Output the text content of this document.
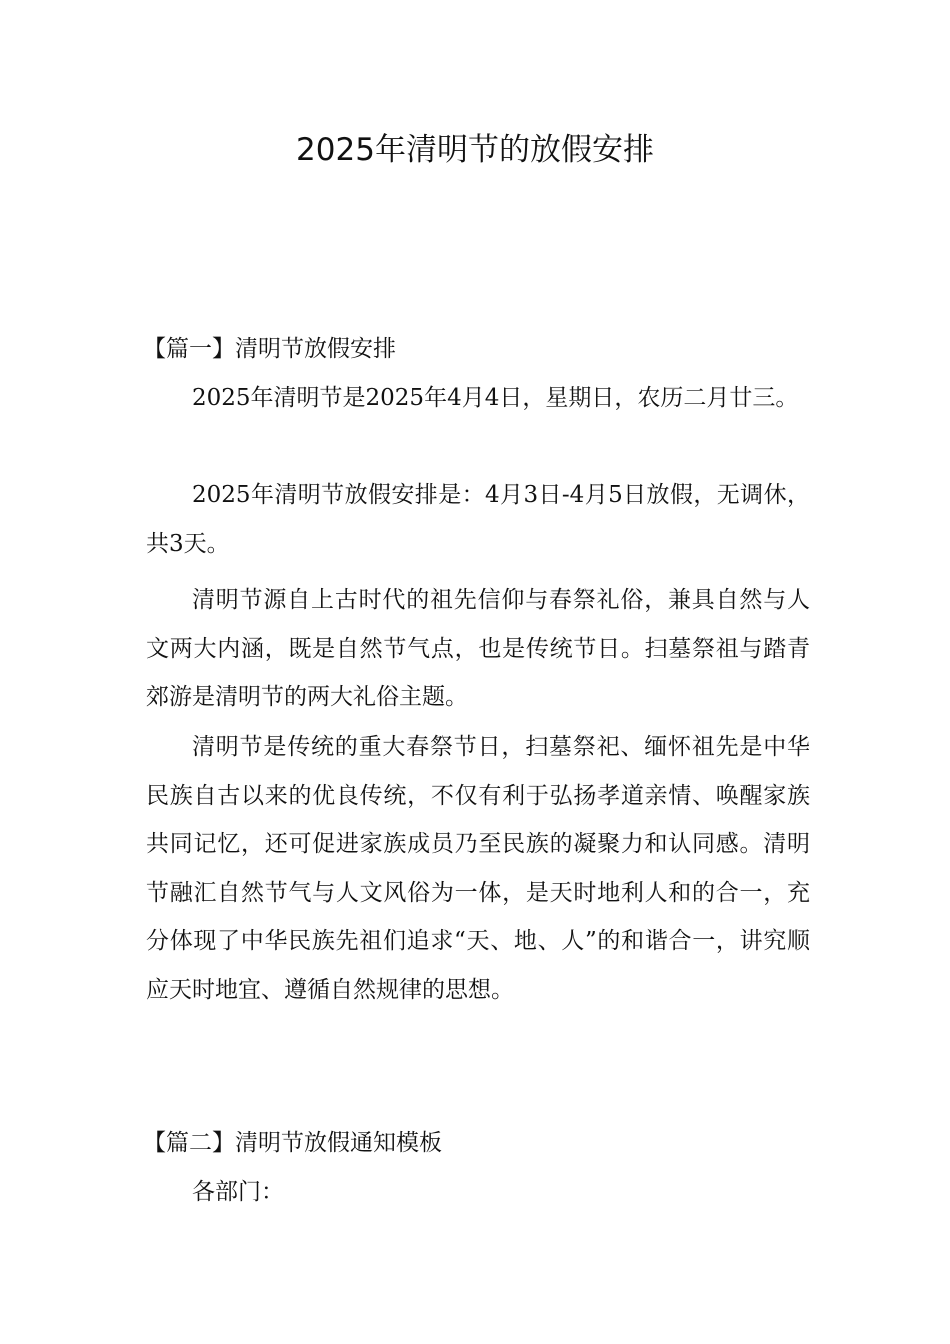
2025年清明节的放假安排
【篇一】清明节放假安排

2025年清明节是2025年4月4日，星期日，农历二月廿三。

2025年清明节放假安排是：4月3日-4月5日放假，无调休，共3天。

清明节源自上古时代的祖先信仰与春祭礼俗，兼具自然与人文两大内涵，既是自然节气点，也是传统节日。扫墓祭祖与踏青郊游是清明节的两大礼俗主题。

清明节是传统的重大春祭节日，扫墓祭祀、缅怀祖先是中华民族自古以来的优良传统，不仅有利于弘扬孝道亲情、唤醒家族共同记忆，还可促进家族成员乃至民族的凝聚力和认同感。清明节融汇自然节气与人文风俗为一体，是天时地利人和的合一，充分体现了中华民族先祖们追求“天、地、人”的和谐合一，讲究顺应天时地宜、遵循自然规律的思想。

【篇二】清明节放假通知模板

各部门：
